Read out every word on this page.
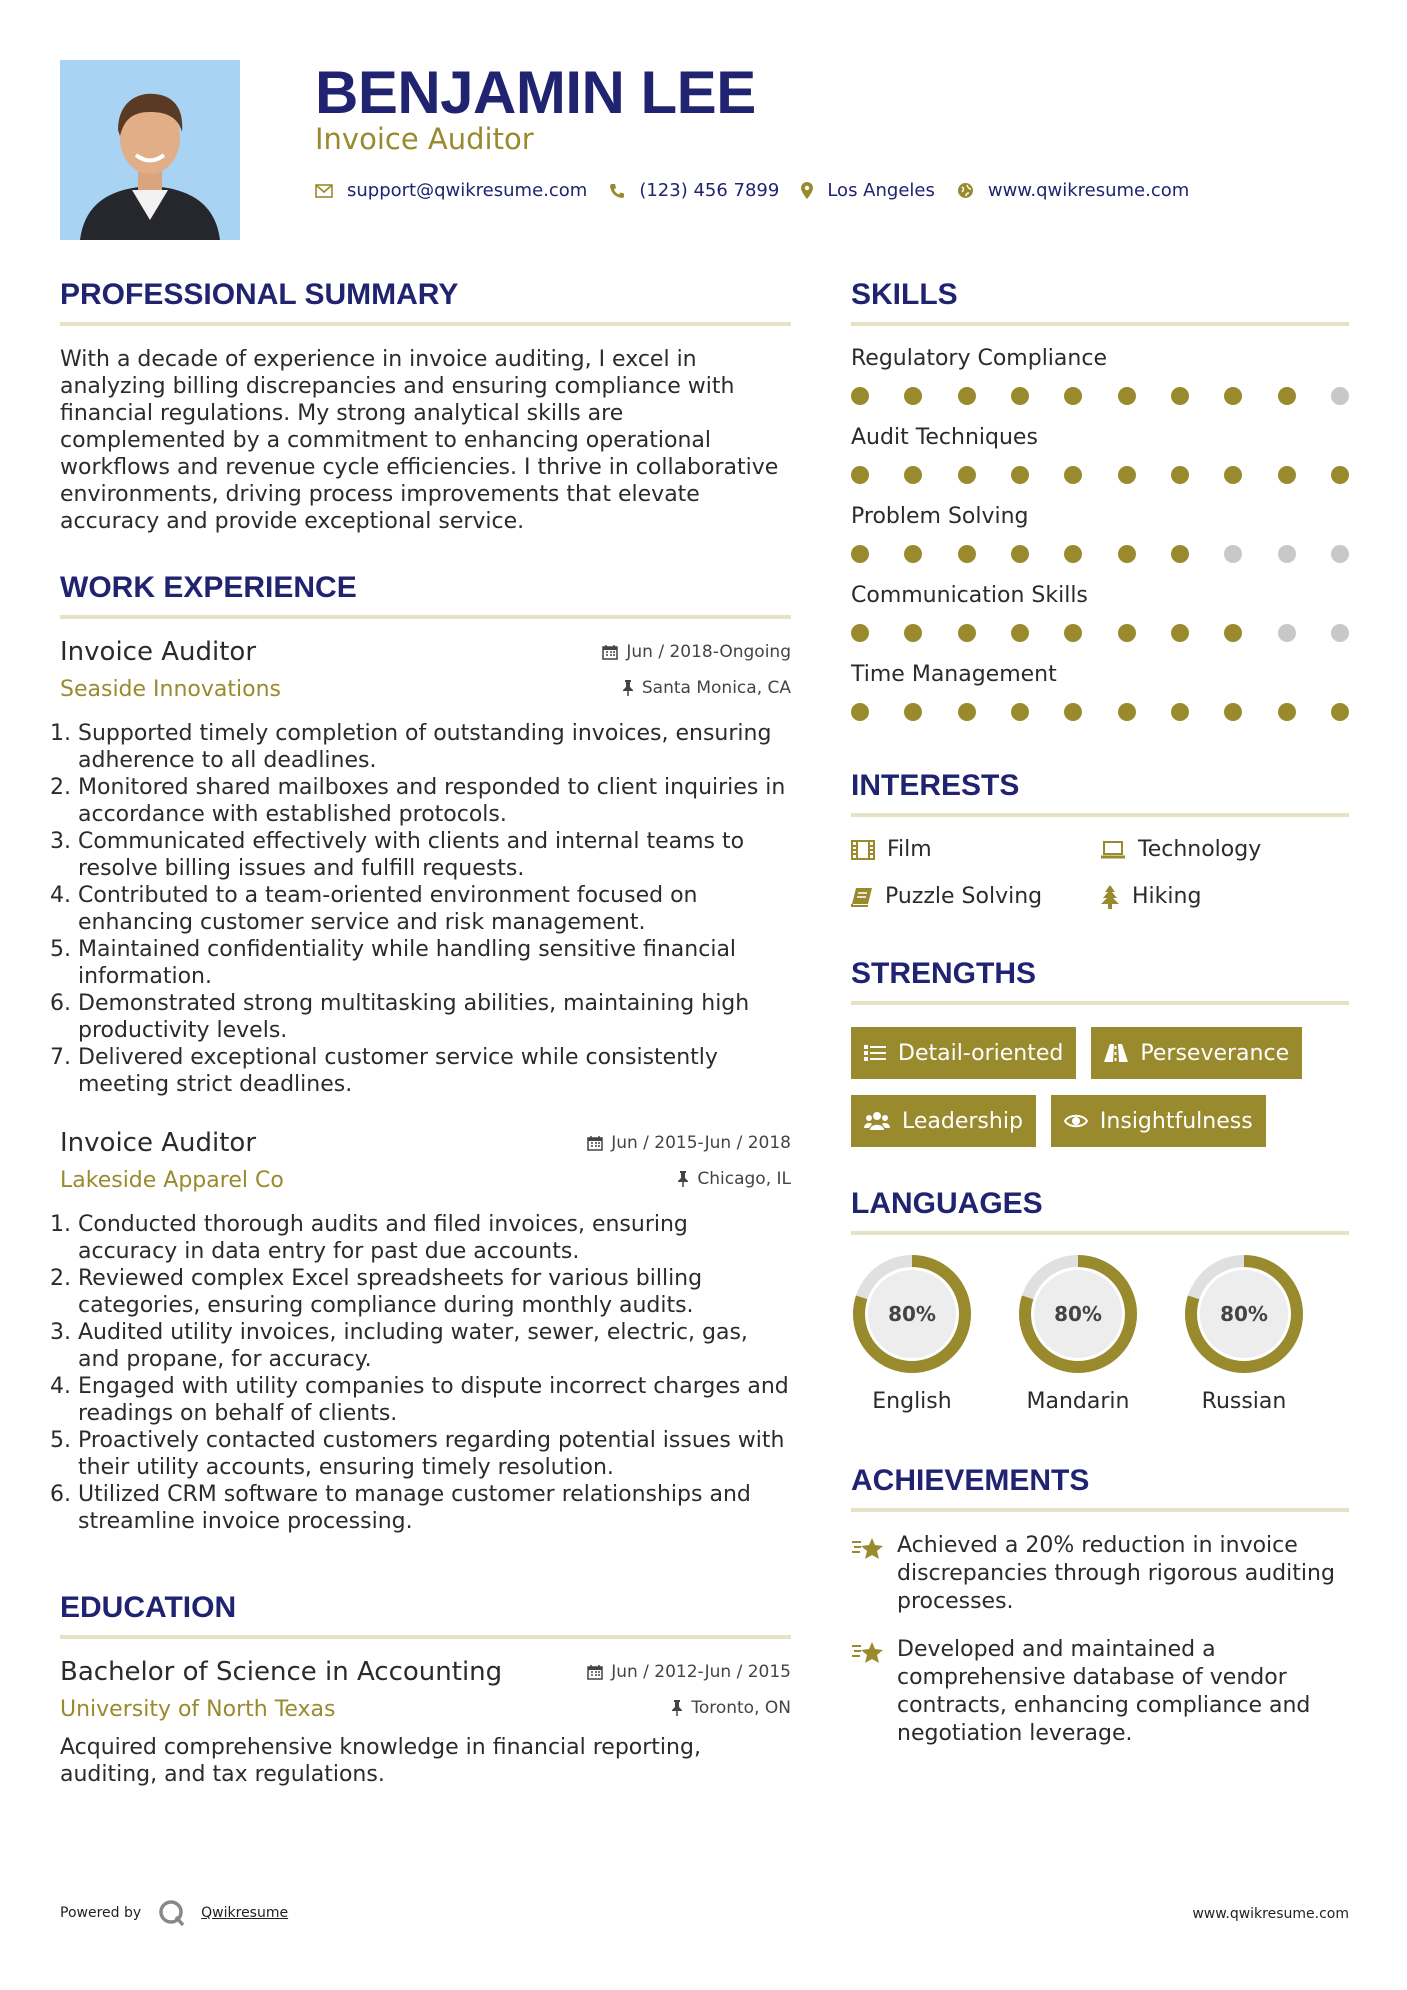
BENJAMIN LEE
Invoice Auditor
support@qwikresume.com	(123) 456 7899	Los Angeles	www.qwikresume.com
PROFESSIONAL SUMMARY

With a decade of experience in invoice auditing, I excel in analyzing billing discrepancies and ensuring compliance with financial regulations. My strong analytical skills are complemented by a commitment to enhancing operational workflows and revenue cycle efficiencies. I thrive in collaborative environments, driving process improvements that elevate accuracy and provide exceptional service.

WORK EXPERIENCE
Invoice Auditor	Jun / 2018-Ongoing
Seaside Innovations	Santa Monica, CA
1. Supported timely completion of outstanding invoices, ensuring adherence to all deadlines.
2. Monitored shared mailboxes and responded to client inquiries in accordance with established protocols.
3. Communicated effectively with clients and internal teams to resolve billing issues and fulfill requests.
4. Contributed to a team-oriented environment focused on enhancing customer service and risk management.
5. Maintained confidentiality while handling sensitive financial information.
6. Demonstrated strong multitasking abilities, maintaining high productivity levels.
7. Delivered exceptional customer service while consistently meeting strict deadlines.
Invoice Auditor	Jun / 2015-Jun / 2018
Lakeside Apparel Co	Chicago, IL
1. Conducted thorough audits and filed invoices, ensuring accuracy in data entry for past due accounts.
2. Reviewed complex Excel spreadsheets for various billing categories, ensuring compliance during monthly audits.
3. Audited utility invoices, including water, sewer, electric, gas, and propane, for accuracy.
4. Engaged with utility companies to dispute incorrect charges and readings on behalf of clients.
5. Proactively contacted customers regarding potential issues with their utility accounts, ensuring timely resolution.
6. Utilized CRM software to manage customer relationships and streamline invoice processing.
EDUCATION
Bachelor of Science in Accounting	Jun / 2012-Jun / 2015
University of North Texas	Toronto, ON

Acquired comprehensive knowledge in financial reporting, auditing, and tax regulations.

SKILLS
Regulatory Compliance
Audit Techniques
Problem Solving
Communication Skills
Time Management
INTERESTS
Film	Technology
Puzzle Solving	Hiking
STRENGTHS
Detail-oriented	Perseverance
Leadership	Insightfulness
LANGUAGES
80%
English
80%
Mandarin
80%
Russian
ACHIEVEMENTS
Achieved a 20% reduction in invoice discrepancies through rigorous auditing processes.
Developed and maintained a comprehensive database of vendor contracts, enhancing compliance and negotiation leverage.
Powered by	Qwikresume	www.qwikresume.com
